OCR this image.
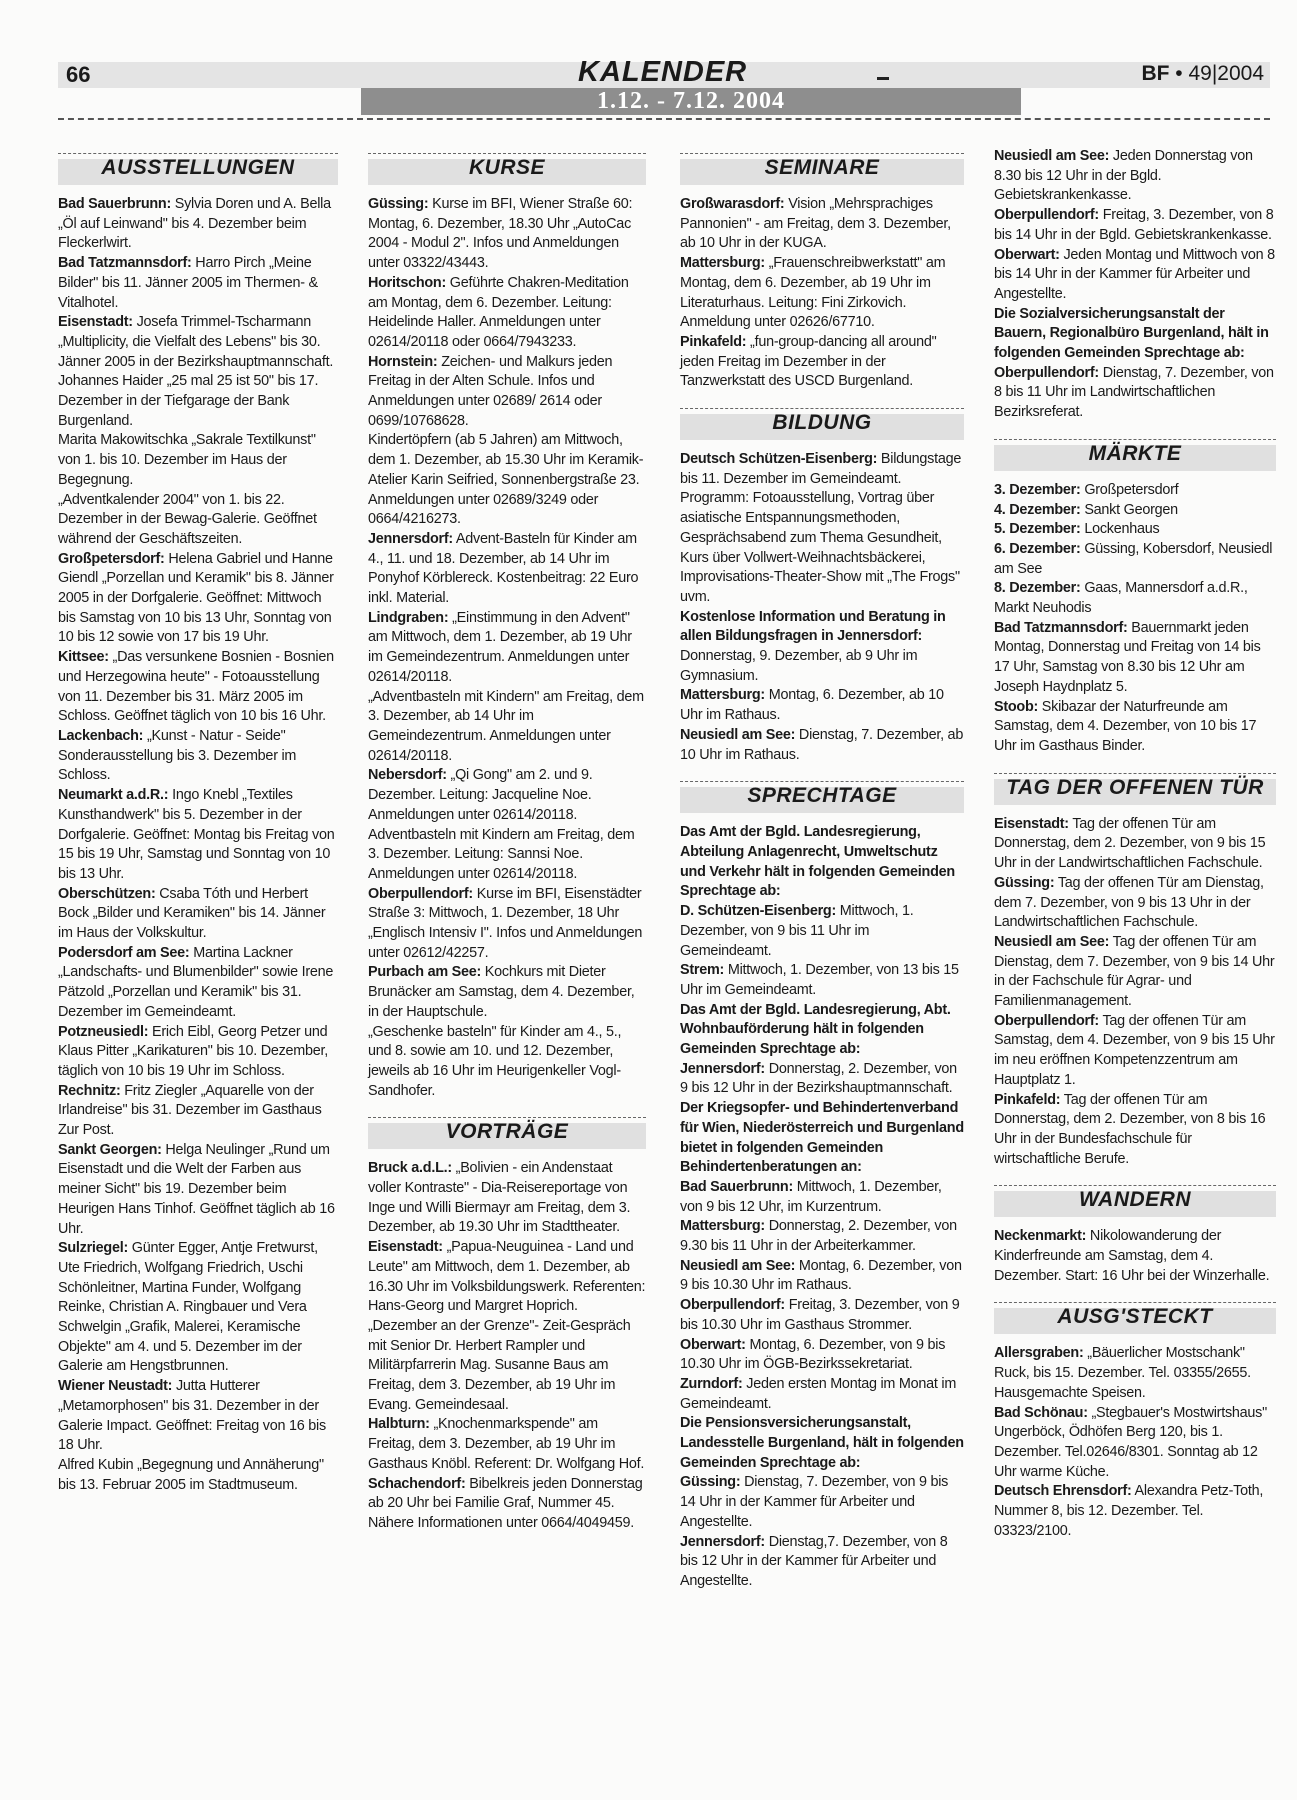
66	KALENDER	BF • 49|2004
1.12. - 7.12. 2004
AUSSTELLUNGEN

Bad Sauerbrunn: Sylvia Doren und A. Bella „Öl auf Leinwand" bis 4. Dezember beim Fleckerlwirt.

Bad Tatzmannsdorf: Harro Pirch „Meine Bilder" bis 11. Jänner 2005 im Thermen- & Vitalhotel.

Eisenstadt: Josefa Trimmel-Tscharmann „Multiplicity, die Vielfalt des Lebens" bis 30. Jänner 2005 in der Bezirkshauptmannschaft.

Johannes Haider „25 mal 25 ist 50" bis 17. Dezember in der Tiefgarage der Bank Burgenland.

Marita Makowitschka „Sakrale Textilkunst" von 1. bis 10. Dezember im Haus der Begegnung.

„Adventkalender 2004" von 1. bis 22. Dezember in der Bewag-Galerie. Geöffnet während der Geschäftszeiten.

Großpetersdorf: Helena Gabriel und Hanne Giendl „Porzellan und Keramik" bis 8. Jänner 2005 in der Dorfgalerie. Geöffnet: Mittwoch bis Samstag von 10 bis 13 Uhr, Sonntag von 10 bis 12 sowie von 17 bis 19 Uhr.

Kittsee: „Das versunkene Bosnien - Bosnien und Herzegowina heute" - Fotoausstellung von 11. Dezember bis 31. März 2005 im Schloss. Geöffnet täglich von 10 bis 16 Uhr.

Lackenbach: „Kunst - Natur - Seide" Sonderausstellung bis 3. Dezember im Schloss.

Neumarkt a.d.R.: Ingo Knebl „Textiles Kunsthandwerk" bis 5. Dezember in der Dorfgalerie. Geöffnet: Montag bis Freitag von 15 bis 19 Uhr, Samstag und Sonntag von 10 bis 13 Uhr.

Oberschützen: Csaba Tóth und Herbert Bock „Bilder und Keramiken" bis 14. Jänner im Haus der Volkskultur.

Podersdorf am See: Martina Lackner „Landschafts- und Blumenbilder" sowie Irene Pätzold „Porzellan und Keramik" bis 31. Dezember im Gemeindeamt.

Potzneusiedl: Erich Eibl, Georg Petzer und Klaus Pitter „Karikaturen" bis 10. Dezember, täglich von 10 bis 19 Uhr im Schloss.

Rechnitz: Fritz Ziegler „Aquarelle von der Irlandreise" bis 31. Dezember im Gasthaus Zur Post.

Sankt Georgen: Helga Neulinger „Rund um Eisenstadt und die Welt der Farben aus meiner Sicht" bis 19. Dezember beim Heurigen Hans Tinhof. Geöffnet täglich ab 16 Uhr.

Sulzriegel: Günter Egger, Antje Fretwurst, Ute Friedrich, Wolfgang Friedrich, Uschi Schönleitner, Martina Funder, Wolfgang Reinke, Christian A. Ringbauer und Vera Schwelgin „Grafik, Malerei, Keramische Objekte" am 4. und 5. Dezember im der Galerie am Hengstbrunnen.

Wiener Neustadt: Jutta Hutterer „Metamorphosen" bis 31. Dezember in der Galerie Impact. Geöffnet: Freitag von 16 bis 18 Uhr.

Alfred Kubin „Begegnung und Annäherung" bis 13. Februar 2005 im Stadtmuseum.

KURSE

Güssing: Kurse im BFI, Wiener Straße 60: Montag, 6. Dezember, 18.30 Uhr „AutoCac 2004 - Modul 2". Infos und Anmeldungen unter 03322/43443.

Horitschon: Geführte Chakren-Meditation am Montag, dem 6. Dezember. Leitung: Heidelinde Haller. Anmeldungen unter 02614/20118 oder 0664/7943233.

Hornstein: Zeichen- und Malkurs jeden Freitag in der Alten Schule. Infos und Anmeldungen unter 02689/ 2614 oder 0699/10768628.

Kindertöpfern (ab 5 Jahren) am Mittwoch, dem 1. Dezember, ab 15.30 Uhr im Keramik-Atelier Karin Seifried, Sonnenbergstraße 23. Anmeldungen unter 02689/3249 oder 0664/4216273.

Jennersdorf: Advent-Basteln für Kinder am 4., 11. und 18. Dezember, ab 14 Uhr im Ponyhof Körblereck. Kostenbeitrag: 22 Euro inkl. Material.

Lindgraben: „Einstimmung in den Advent" am Mittwoch, dem 1. Dezember, ab 19 Uhr im Gemeindezentrum. Anmeldungen unter 02614/20118.

„Adventbasteln mit Kindern" am Freitag, dem 3. Dezember, ab 14 Uhr im Gemeindezentrum. Anmeldungen unter 02614/20118.

Nebersdorf: „Qi Gong" am 2. und 9. Dezember. Leitung: Jacqueline Noe. Anmeldungen unter 02614/20118.

Adventbasteln mit Kindern am Freitag, dem 3. Dezember. Leitung: Sannsi Noe. Anmeldungen unter 02614/20118.

Oberpullendorf: Kurse im BFI, Eisenstädter Straße 3: Mittwoch, 1. Dezember, 18 Uhr „Englisch Intensiv I". Infos und Anmeldungen unter 02612/42257.

Purbach am See: Kochkurs mit Dieter Brunäcker am Samstag, dem 4. Dezember, in der Hauptschule.

„Geschenke basteln" für Kinder am 4., 5., und 8. sowie am 10. und 12. Dezember, jeweils ab 16 Uhr im Heurigenkeller Vogl-Sandhofer.

VORTRÄGE

Bruck a.d.L.: „Bolivien - ein Andenstaat voller Kontraste" - Dia-Reisereportage von Inge und Willi Biermayr am Freitag, dem 3. Dezember, ab 19.30 Uhr im Stadttheater.

Eisenstadt: „Papua-Neuguinea - Land und Leute" am Mittwoch, dem 1. Dezember, ab 16.30 Uhr im Volksbildungswerk. Referenten: Hans-Georg und Margret Hoprich.

„Dezember an der Grenze"- Zeit-Gespräch mit Senior Dr. Herbert Rampler und Militärpfarrerin Mag. Susanne Baus am Freitag, dem 3. Dezember, ab 19 Uhr im Evang. Gemeindesaal.

Halbturn: „Knochenmarkspende" am Freitag, dem 3. Dezember, ab 19 Uhr im Gasthaus Knöbl. Referent: Dr. Wolfgang Hof.

Schachendorf: Bibelkreis jeden Donnerstag ab 20 Uhr bei Familie Graf, Nummer 45. Nähere Informationen unter 0664/4049459.

SEMINARE

Großwarasdorf: Vision „Mehrsprachiges Pannonien" - am Freitag, dem 3. Dezember, ab 10 Uhr in der KUGA.

Mattersburg: „Frauenschreibwerkstatt" am Montag, dem 6. Dezember, ab 19 Uhr im Literaturhaus. Leitung: Fini Zirkovich. Anmeldung unter 02626/67710.

Pinkafeld: „fun-group-dancing all around" jeden Freitag im Dezember in der Tanzwerkstatt des USCD Burgenland.

BILDUNG

Deutsch Schützen-Eisenberg: Bildungstage bis 11. Dezember im Gemeindeamt. Programm: Fotoausstellung, Vortrag über asiatische Entspannungsmethoden, Gesprächsabend zum Thema Gesundheit, Kurs über Vollwert-Weihnachtsbäckerei, Improvisations-Theater-Show mit „The Frogs" uvm.

Kostenlose Information und Beratung in allen Bildungsfragen in Jennersdorf: Donnerstag, 9. Dezember, ab 9 Uhr im Gymnasium.

Mattersburg: Montag, 6. Dezember, ab 10 Uhr im Rathaus.

Neusiedl am See: Dienstag, 7. Dezember, ab 10 Uhr im Rathaus.

SPRECHTAGE

Das Amt der Bgld. Landesregierung, Abteilung Anlagenrecht, Umweltschutz und Verkehr hält in folgenden Gemeinden Sprechtage ab:

D. Schützen-Eisenberg: Mittwoch, 1. Dezember, von 9 bis 11 Uhr im Gemeindeamt.

Strem: Mittwoch, 1. Dezember, von 13 bis 15 Uhr im Gemeindeamt.

Das Amt der Bgld. Landesregierung, Abt. Wohnbauförderung hält in folgenden Gemeinden Sprechtage ab:

Jennersdorf: Donnerstag, 2. Dezember, von 9 bis 12 Uhr in der Bezirkshauptmannschaft.

Der Kriegsopfer- und Behindertenverband für Wien, Niederösterreich und Burgenland bietet in folgenden Gemeinden Behindertenberatungen an:

Bad Sauerbrunn: Mittwoch, 1. Dezember, von 9 bis 12 Uhr, im Kurzentrum.

Mattersburg: Donnerstag, 2. Dezember, von 9.30 bis 11 Uhr in der Arbeiterkammer.

Neusiedl am See: Montag, 6. Dezember, von 9 bis 10.30 Uhr im Rathaus.

Oberpullendorf: Freitag, 3. Dezember, von 9 bis 10.30 Uhr im Gasthaus Strommer.

Oberwart: Montag, 6. Dezember, von 9 bis 10.30 Uhr im ÖGB-Bezirkssekretariat.

Zurndorf: Jeden ersten Montag im Monat im Gemeindeamt.

Die Pensionsversicherungsanstalt, Landesstelle Burgenland, hält in folgenden Gemeinden Sprechtage ab:

Güssing: Dienstag, 7. Dezember, von 9 bis 14 Uhr in der Kammer für Arbeiter und Angestellte.

Jennersdorf: Dienstag,7. Dezember, von 8 bis 12 Uhr in der Kammer für Arbeiter und Angestellte.

Neusiedl am See: Jeden Donnerstag von 8.30 bis 12 Uhr in der Bgld. Gebietskrankenkasse.

Oberpullendorf: Freitag, 3. Dezember, von 8 bis 14 Uhr in der Bgld. Gebietskrankenkasse.

Oberwart: Jeden Montag und Mittwoch von 8 bis 14 Uhr in der Kammer für Arbeiter und Angestellte.

Die Sozialversicherungsanstalt der Bauern, Regionalbüro Burgenland, hält in folgenden Gemeinden Sprechtage ab:

Oberpullendorf: Dienstag, 7. Dezember, von 8 bis 11 Uhr im Landwirtschaftlichen Bezirksreferat.

MÄRKTE

3. Dezember: Großpetersdorf

4. Dezember: Sankt Georgen

5. Dezember: Lockenhaus

6. Dezember: Güssing, Kobersdorf, Neusiedl am See

8. Dezember: Gaas, Mannersdorf a.d.R., Markt Neuhodis

Bad Tatzmannsdorf: Bauernmarkt jeden Montag, Donnerstag und Freitag von 14 bis 17 Uhr, Samstag von 8.30 bis 12 Uhr am Joseph Haydnplatz 5.

Stoob: Skibazar der Naturfreunde am Samstag, dem 4. Dezember, von 10 bis 17 Uhr im Gasthaus Binder.

TAG DER OFFENEN TÜR

Eisenstadt: Tag der offenen Tür am Donnerstag, dem 2. Dezember, von 9 bis 15 Uhr in der Landwirtschaftlichen Fachschule.

Güssing: Tag der offenen Tür am Dienstag, dem 7. Dezember, von 9 bis 13 Uhr in der Landwirtschaftlichen Fachschule.

Neusiedl am See: Tag der offenen Tür am Dienstag, dem 7. Dezember, von 9 bis 14 Uhr in der Fachschule für Agrar- und Familienmanagement.

Oberpullendorf: Tag der offenen Tür am Samstag, dem 4. Dezember, von 9 bis 15 Uhr im neu eröffnen Kompetenzzentrum am Hauptplatz 1.

Pinkafeld: Tag der offenen Tür am Donnerstag, dem 2. Dezember, von 8 bis 16 Uhr in der Bundesfachschule für wirtschaftliche Berufe.

WANDERN

Neckenmarkt: Nikolowanderung der Kinderfreunde am Samstag, dem 4. Dezember. Start: 16 Uhr bei der Winzerhalle.

AUSG'STECKT

Allersgraben: „Bäuerlicher Mostschank" Ruck, bis 15. Dezember. Tel. 03355/2655. Hausgemachte Speisen.

Bad Schönau: „Stegbauer's Mostwirtshaus" Ungerböck, Ödhöfen Berg 120, bis 1. Dezember. Tel.02646/8301. Sonntag ab 12 Uhr warme Küche.

Deutsch Ehrensdorf: Alexandra Petz-Toth, Nummer 8, bis 12. Dezember. Tel. 03323/2100.
